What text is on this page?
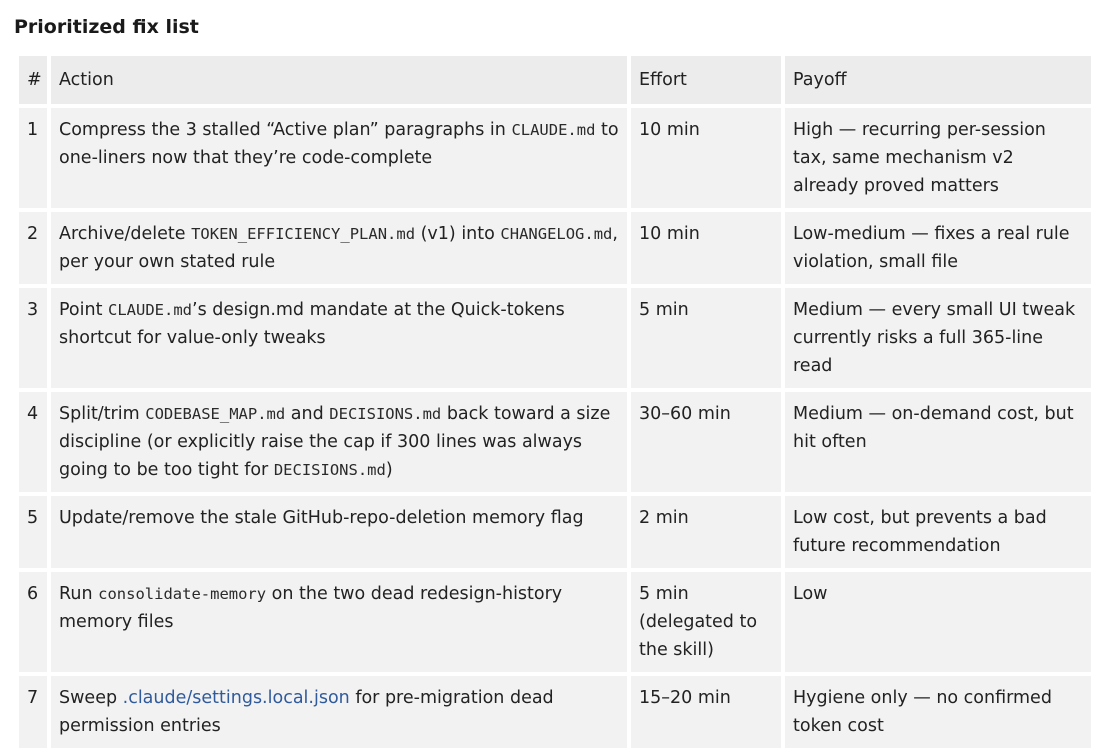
Prioritized fix list
#	Action	Effort	Payoff
1	Compress the 3 stalled “Active plan” paragraphs in CLAUDE.md to one-liners now that they’re code-complete	10 min	High — recurring per-session tax, same mechanism v2 already proved matters
2	Archive/delete TOKEN_EFFICIENCY_PLAN.md (v1) into CHANGELOG.md, per your own stated rule	10 min	Low-medium — fixes a real rule violation, small file
3	Point CLAUDE.md’s design.md mandate at the Quick-tokens shortcut for value-only tweaks	5 min	Medium — every small UI tweak currently risks a full 365-line read
4	Split/trim CODEBASE_MAP.md and DECISIONS.md back toward a size discipline (or explicitly raise the cap if 300 lines was always going to be too tight for DECISIONS.md)	30–60 min	Medium — on-demand cost, but hit often
5	Update/remove the stale GitHub-repo-deletion memory flag	2 min	Low cost, but prevents a bad future recommendation
6	Run consolidate-memory on the two dead redesign-history memory files	5 min (delegated to the skill)	Low
7	Sweep .claude/settings.local.json for pre-migration dead permission entries	15–20 min	Hygiene only — no confirmed token cost
